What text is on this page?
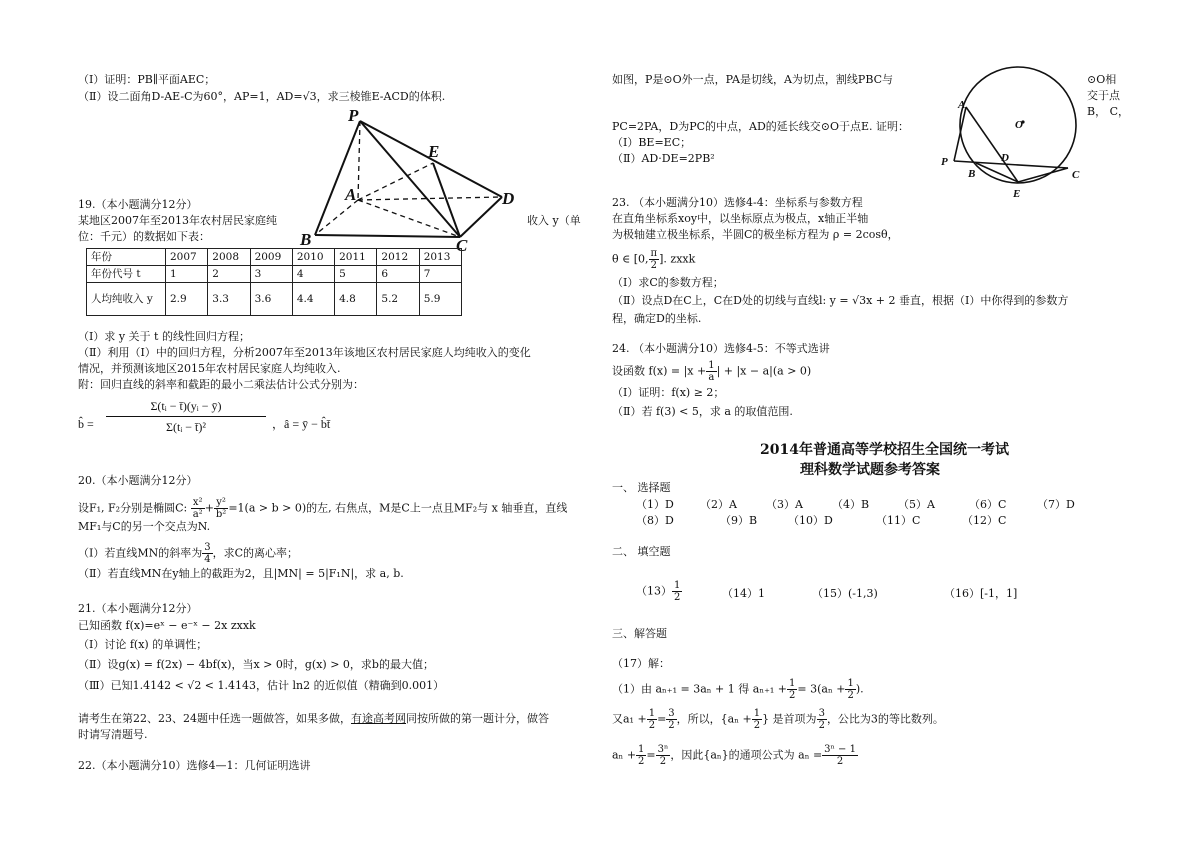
（Ⅰ）证明：PB∥平面AEC；
（Ⅱ）设二面角D-AE-C为60°，AP=1，AD=√3，求三棱锥E-ACD的体积.
P
E
A	D
B	C
19.（本小题满分12分）
某地区2007年至2013年农村居民家庭纯	收入 y（单
位：千元）的数据如下表：
年份	2007	2008	2009	2010	2011	2012	2013
年份代号 t	1	2	3	4	5	6	7
人均纯收入 y	2.9	3.3	3.6	4.4	4.8	5.2	5.9
（Ⅰ）求 y 关于 t 的线性回归方程；
（Ⅱ）利用（Ⅰ）中的回归方程，分析2007年至2013年该地区农村居民家庭人均纯收入的变化
情况，并预测该地区2015年农村居民家庭人均纯收入.
附：回归直线的斜率和截距的最小二乘法估计公式分别为：
b̂ = $\frac{\text{Σ(tᵢ − t̄)(yᵢ − ȳ)}}{\text{Σ(tᵢ − t̄)²}}$ ，â = ȳ − b̂t̄
20.（本小题满分12分）
设F₁, F₂分别是椭圆C: $\frac{\text{x²}}{\text{a²}} + \frac{\text{y²}}{\text{b²}} =1(a > b > 0)$的左, 右焦点，M是C上一点且MF₂与 x 轴垂直，直线
MF₁与C的另一个交点为N.
（Ⅰ）若直线MN的斜率为 $\frac{3}{4}$ ，求C的离心率；
（Ⅱ）若直线MN在y轴上的截距为2，且|MN| = 5|F₁N|，求 a, b.
21.（本小题满分12分）
已知函数 f(x)=eˣ − e⁻ˣ − 2x zxxk
（Ⅰ）讨论 f(x) 的单调性；
（Ⅱ）设g(x) = f(2x) − 4bf(x)，当x > 0时，g(x) > 0，求b的最大值；
（Ⅲ）已知1.4142 < √2 < 1.4143，估计 ln2 的近似值（精确到0.001）
请考生在第22、23、24题中任选一题做答，如果多做，有途高考网同按所做的第一题计分，做答
时请写清题号.
22.（本小题满分10）选修4—1：几何证明选讲
如图，P是⊙O外一点，PA是切线，A为切点，割线PBC与	⊙O相
交于点
B， C，
PC=2PA，D为PC的中点，AD的延长线交⊙O于点E. 证明：
（Ⅰ）BE=EC；
（Ⅱ）AD·DE=2PB²
A
O
P	D
B
E
C
23. （本小题满分10）选修4-4：坐标系与参数方程
在直角坐标系xoy中，以坐标原点为极点，x轴正半轴
为极轴建立极坐标系，半圆C的极坐标方程为 ρ = 2cosθ，
θ ∈ [0, $\frac{\pi}{2}$ ]. zxxk
（Ⅰ）求C的参数方程；
（Ⅱ）设点D在C上，C在D处的切线与直线l: y = √3x + 2 垂直，根据（Ⅰ）中你得到的参数方
程，确定D的坐标.
24. （本小题满分10）选修4-5：不等式选讲
设函数 $f(x) = |x + \frac{1}{a}$ | + |x − a|(a > 0)
（Ⅰ）证明：f(x) ≥ 2；
（Ⅱ）若 f(3) < 5，求 a 的取值范围.
2014年普通高等学校招生全国统一考试
理科数学试题参考答案
一、 选择题
（1）D （2）A	（3）A	（4）B	（5）A	（6）C	（7）D
（8）D	（9）B	（10）D	（11）C	（12）C
二、 填空题
$(13) \frac{1}{2}$	（14）1	（15）(-1,3)	（16）[-1，1]
三、解答题
（17）解：
（1）由 aₙ₊₁ = 3aₙ + 1 得 $a_{n+1} + \frac{1}{2} = 3(a_n + \frac{1}{2}$ ).
又$a_1 + \frac{1}{2} = \frac{3}{2}$ ，所以，{$a_n + \frac{1}{2}$ } 是首项为 $\frac{3}{2}$ ，公比为3的等比数列。
$a_n + \frac{1}{2} = \frac{\text{3ⁿ}}{2}$ ，因此{aₙ}的通项公式为 $a_n = \frac{\text{3ⁿ − 1}}{2}$
